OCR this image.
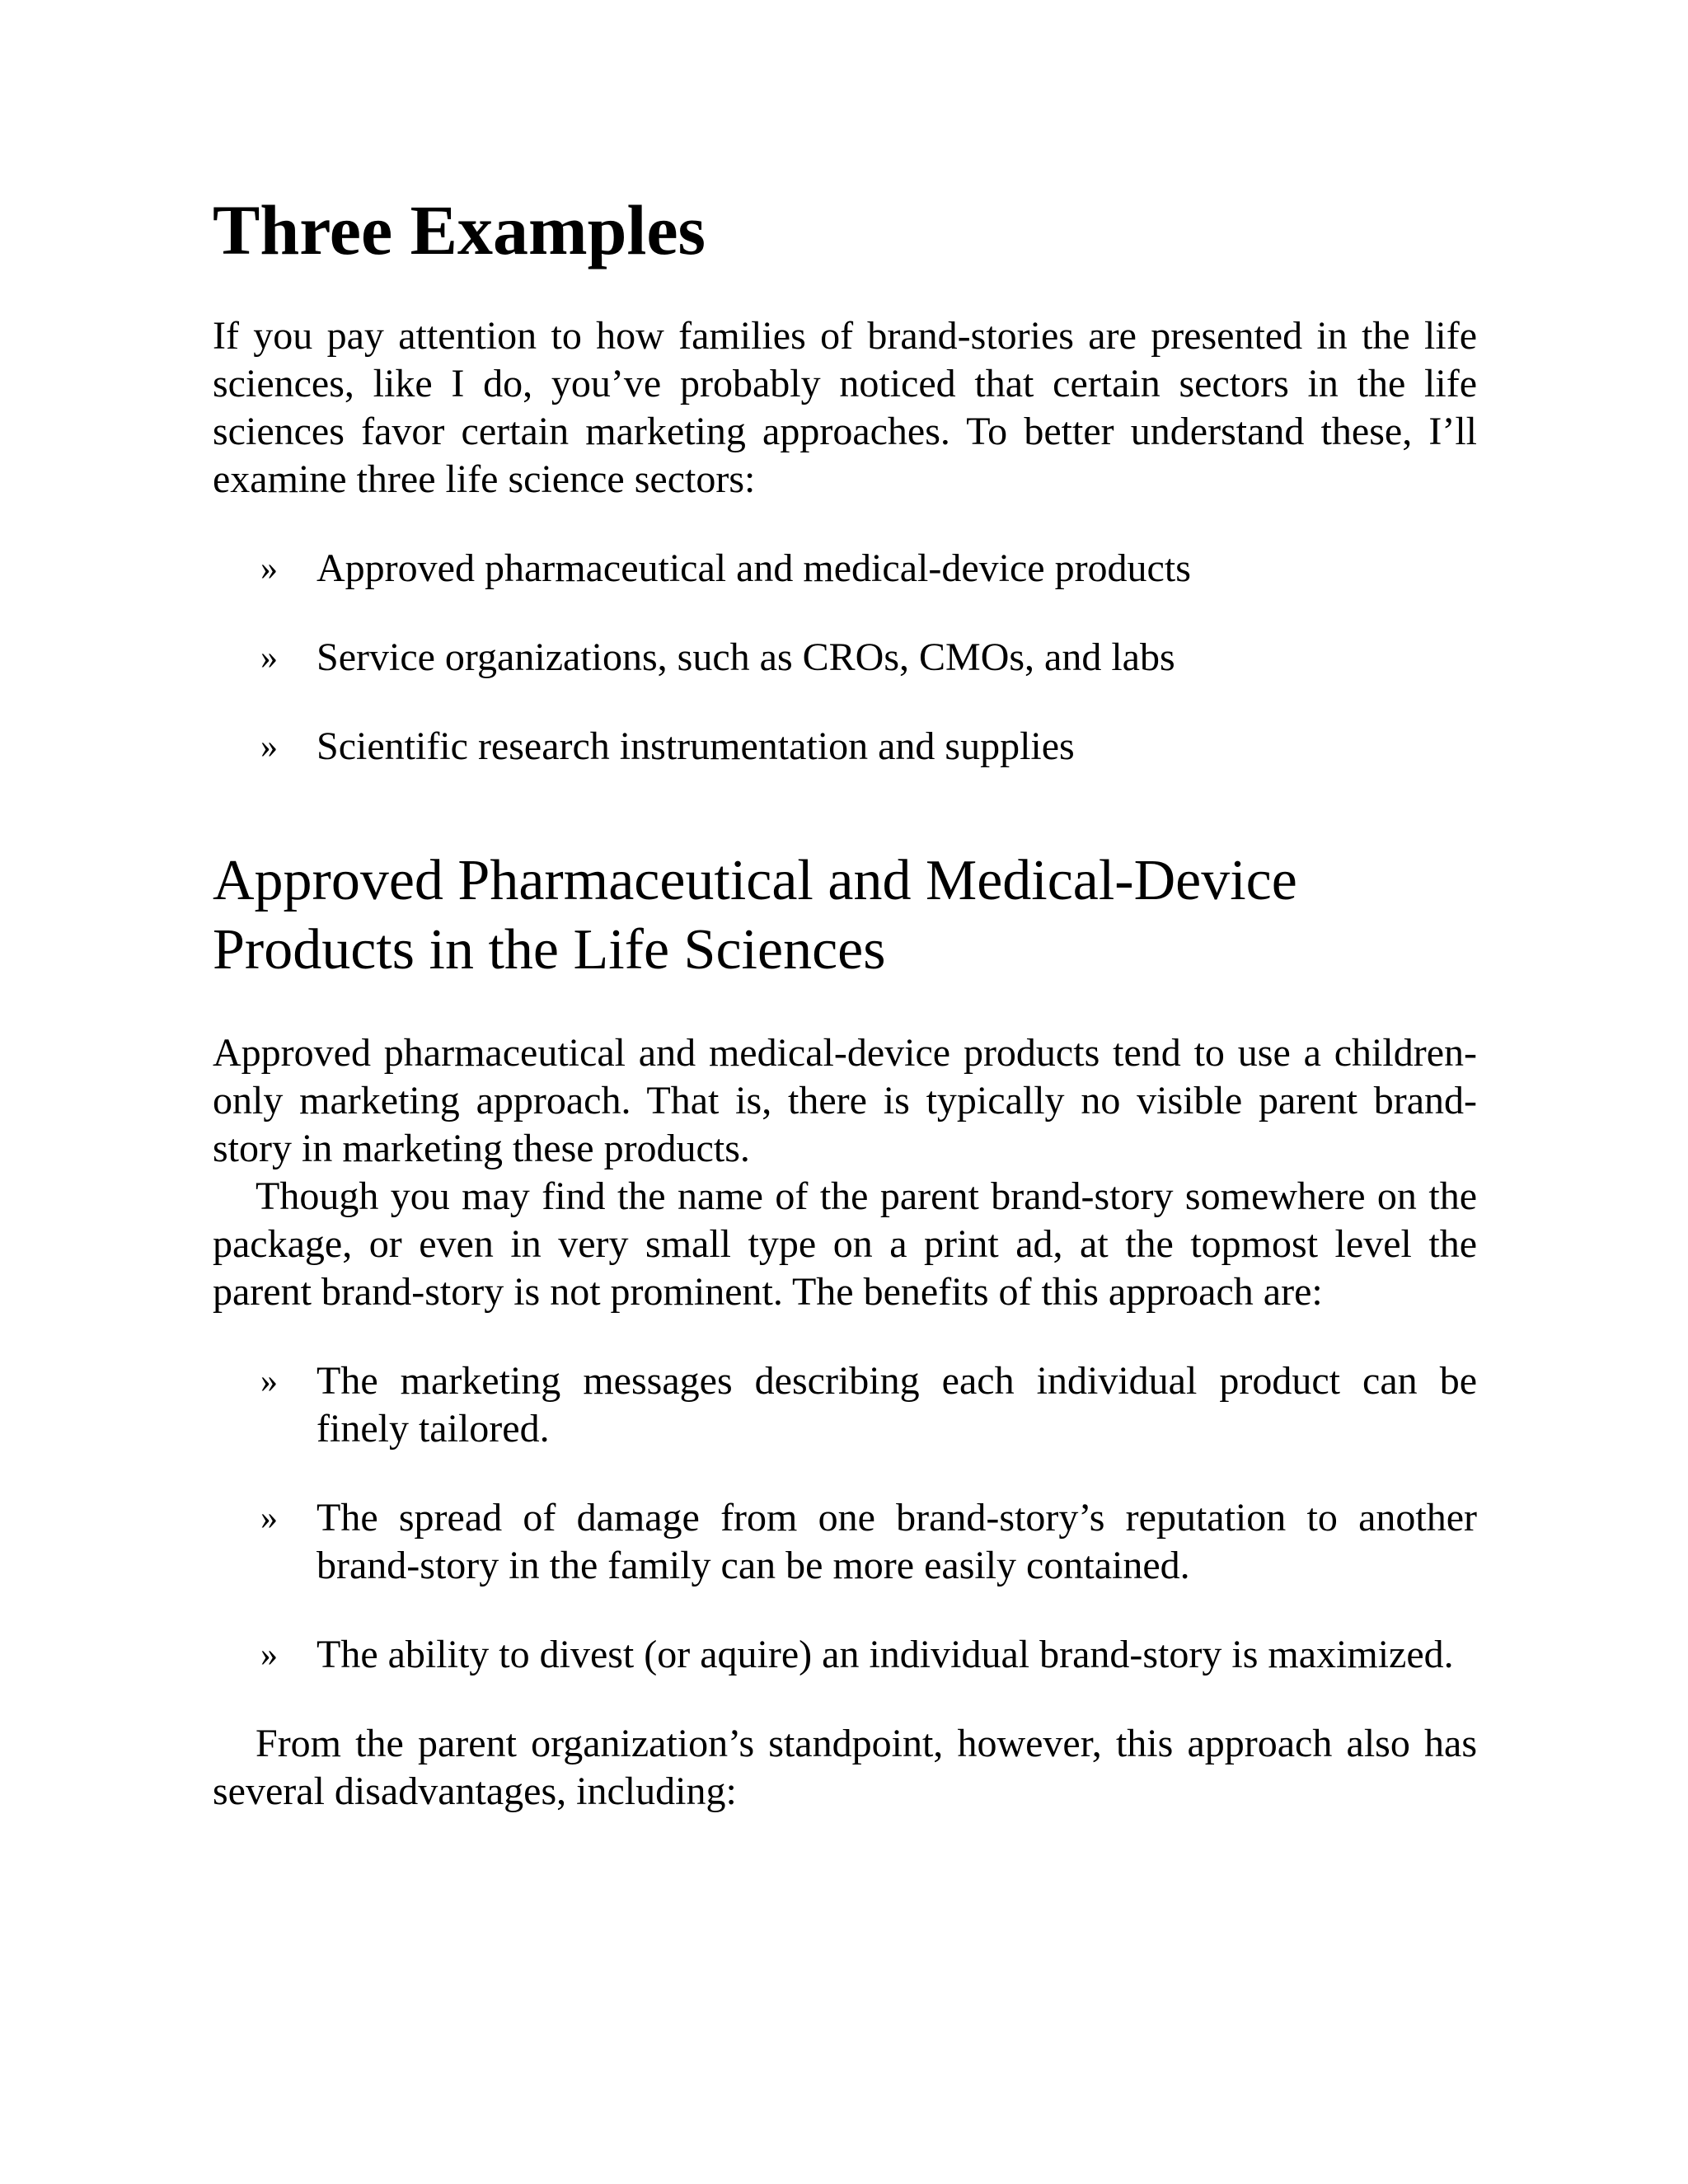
Three Examples

If you pay attention to how families of brand-stories are presented in the life sciences, like I do, you’ve probably noticed that certain sectors in the life sciences favor certain marketing approaches. To better understand these, I’ll examine three life science sectors:

» Approved pharmaceutical and medical-device products
» Service organizations, such as CROs, CMOs, and labs
» Scientific research instrumentation and supplies
Approved Pharmaceutical and Medical-Device Products in the Life Sciences

Approved pharmaceutical and medical-device products tend to use a children-only marketing approach. That is, there is typically no visible parent brand-story in marketing these products.

Though you may find the name of the parent brand-story somewhere on the package, or even in very small type on a print ad, at the topmost level the parent brand-story is not prominent. The benefits of this approach are:

» The marketing messages describing each individual product can be finely tailored.
» The spread of damage from one brand-story’s reputation to another brand-story in the family can be more easily contained.
» The ability to divest (or aquire) an individual brand-story is maximized.

From the parent organization’s standpoint, however, this approach also has several disadvantages, including:
